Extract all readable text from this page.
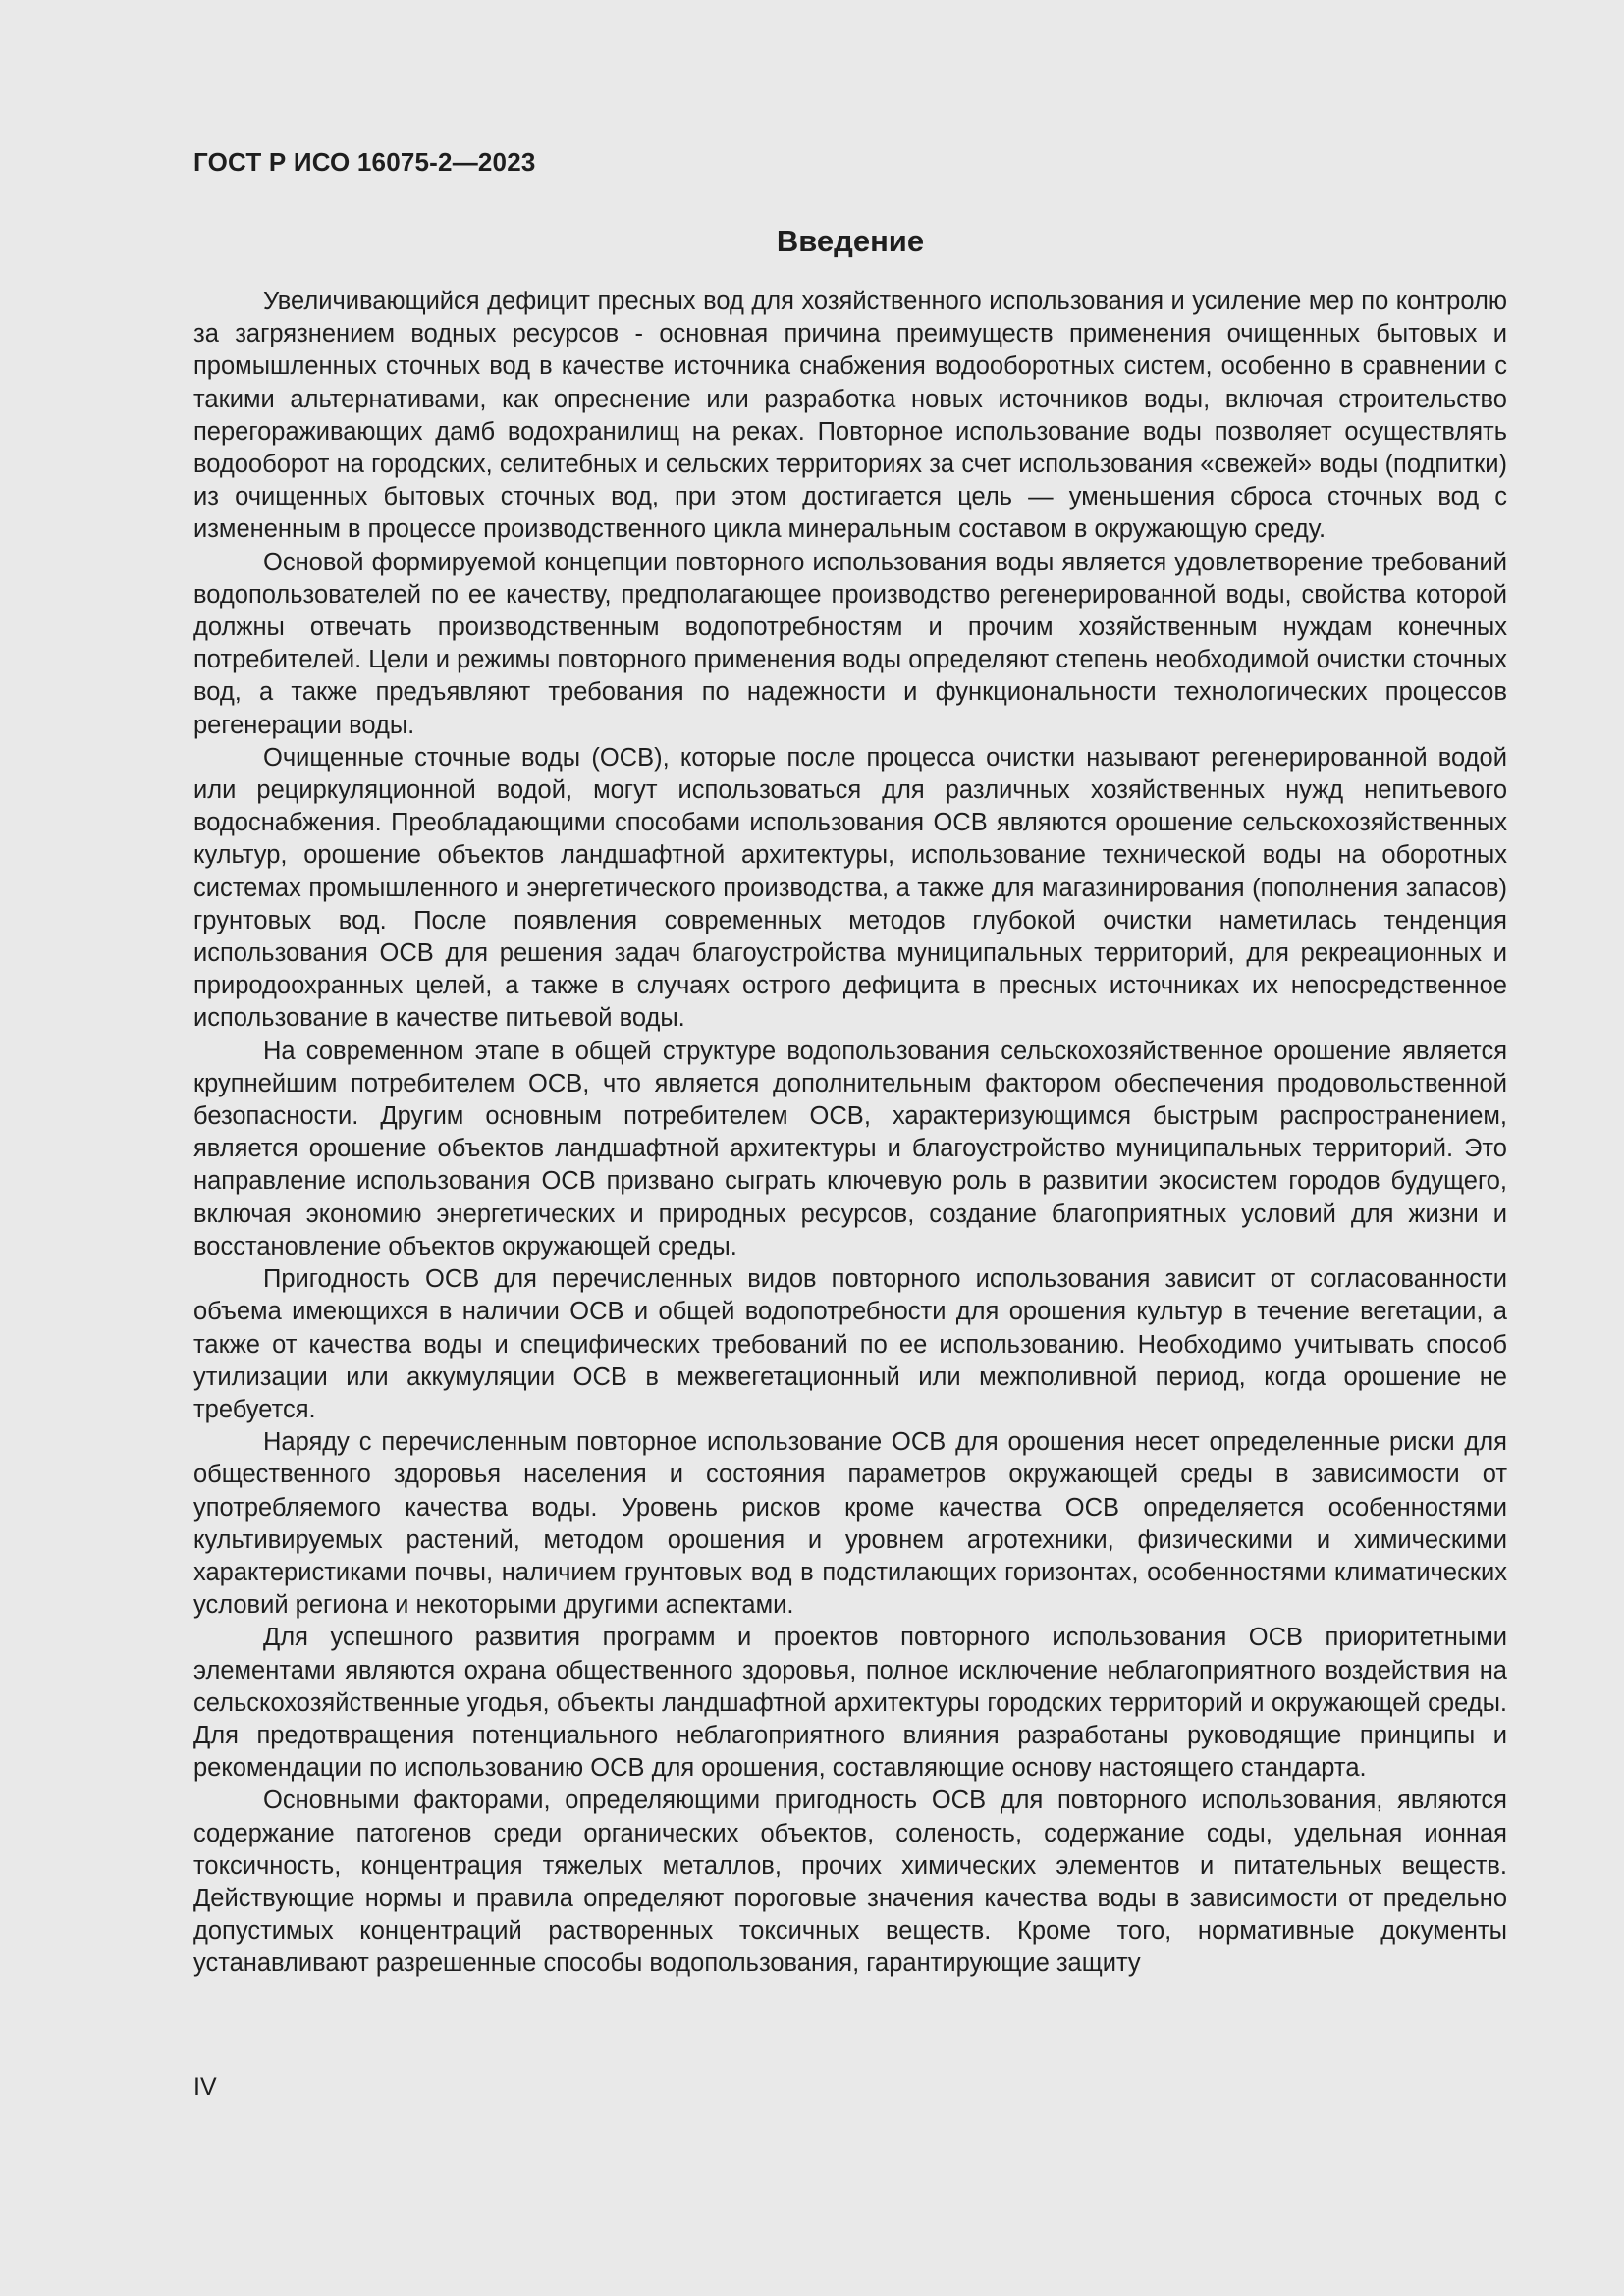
ГОСТ Р ИСО 16075-2—2023
Введение

Увеличивающийся дефицит пресных вод для хозяйственного использования и усиление мер по контролю за загрязнением водных ресурсов - основная причина преимуществ применения очищенных бытовых и промышленных сточных вод в качестве источника снабжения водооборотных систем, особенно в сравнении с такими альтернативами, как опреснение или разработка новых источников воды, включая строительство перегораживающих дамб водохранилищ на реках. Повторное использование воды позволяет осуществлять водооборот на городских, селитебных и сельских территориях за счет использования «свежей» воды (подпитки) из очищенных бытовых сточных вод, при этом достигается цель — уменьшения сброса сточных вод с измененным в процессе производственного цикла минеральным составом в окружающую среду.

Основой формируемой концепции повторного использования воды является удовлетворение требований водопользователей по ее качеству, предполагающее производство регенерированной воды, свойства которой должны отвечать производственным водопотребностям и прочим хозяйственным нуждам конечных потребителей. Цели и режимы повторного применения воды определяют степень необходимой очистки сточных вод, а также предъявляют требования по надежности и функциональности технологических процессов регенерации воды.

Очищенные сточные воды (ОСВ), которые после процесса очистки называют регенерированной водой или рециркуляционной водой, могут использоваться для различных хозяйственных нужд непитьевого водоснабжения. Преобладающими способами использования ОСВ являются орошение сельскохозяйственных культур, орошение объектов ландшафтной архитектуры, использование технической воды на оборотных системах промышленного и энергетического производства, а также для магазинирования (пополнения запасов) грунтовых вод. После появления современных методов глубокой очистки наметилась тенденция использования ОСВ для решения задач благоустройства муниципальных территорий, для рекреационных и природоохранных целей, а также в случаях острого дефицита в пресных источниках их непосредственное использование в качестве питьевой воды.

На современном этапе в общей структуре водопользования сельскохозяйственное орошение является крупнейшим потребителем ОСВ, что является дополнительным фактором обеспечения продовольственной безопасности. Другим основным потребителем ОСВ, характеризующимся быстрым распространением, является орошение объектов ландшафтной архитектуры и благоустройство муниципальных территорий. Это направление использования ОСВ призвано сыграть ключевую роль в развитии экосистем городов будущего, включая экономию энергетических и природных ресурсов, создание благоприятных условий для жизни и восстановление объектов окружающей среды.

Пригодность ОСВ для перечисленных видов повторного использования зависит от согласованности объема имеющихся в наличии ОСВ и общей водопотребности для орошения культур в течение вегетации, а также от качества воды и специфических требований по ее использованию. Необходимо учитывать способ утилизации или аккумуляции ОСВ в межвегетационный или межполивной период, когда орошение не требуется.

Наряду с перечисленным повторное использование ОСВ для орошения несет определенные риски для общественного здоровья населения и состояния параметров окружающей среды в зависимости от употребляемого качества воды. Уровень рисков кроме качества ОСВ определяется особенностями культивируемых растений, методом орошения и уровнем агротехники, физическими и химическими характеристиками почвы, наличием грунтовых вод в подстилающих горизонтах, особенностями климатических условий региона и некоторыми другими аспектами.

Для успешного развития программ и проектов повторного использования ОСВ приоритетными элементами являются охрана общественного здоровья, полное исключение неблагоприятного воздействия на сельскохозяйственные угодья, объекты ландшафтной архитектуры городских территорий и окружающей среды. Для предотвращения потенциального неблагоприятного влияния разработаны руководящие принципы и рекомендации по использованию ОСВ для орошения, составляющие основу настоящего стандарта.

Основными факторами, определяющими пригодность ОСВ для повторного использования, являются содержание патогенов среди органических объектов, соленость, содержание соды, удельная ионная токсичность, концентрация тяжелых металлов, прочих химических элементов и питательных веществ. Действующие нормы и правила определяют пороговые значения качества воды в зависимости от предельно допустимых концентраций растворенных токсичных веществ. Кроме того, нормативные документы устанавливают разрешенные способы водопользования, гарантирующие защиту

IV
